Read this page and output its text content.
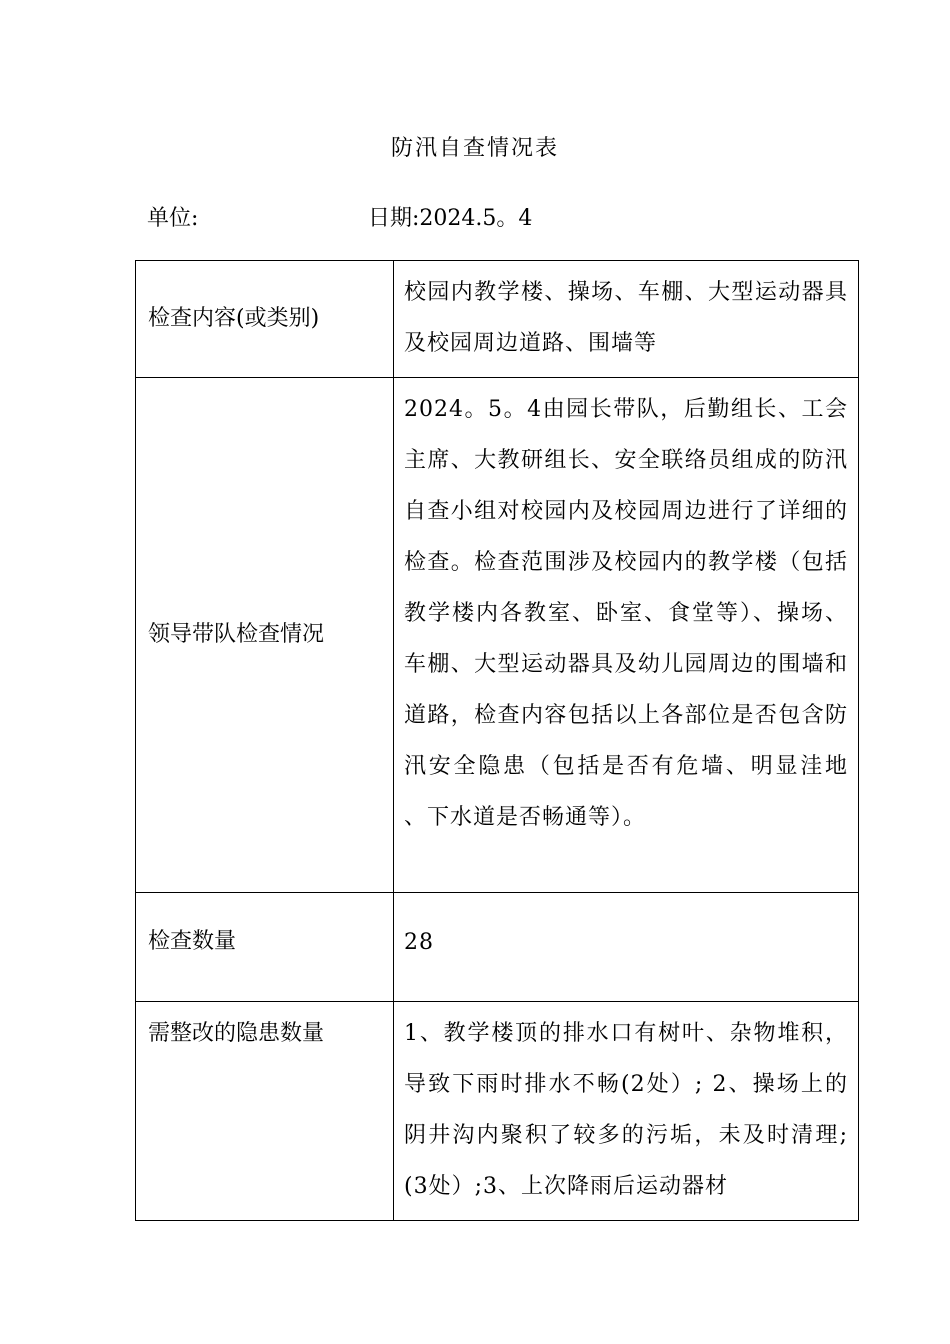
防汛自查情况表
单位:	日期:2024.5。4
检查内容(或类别)	校园内教学楼、操场、车棚、大型运动器具及校园周边道路、围墙等
领导带队检查情况	2024。5。4由园长带队，后勤组长、工会主席、大教研组长、安全联络员组成的防汛自查小组对校园内及校园周边进行了详细的检查。检查范围涉及校园内的教学楼（包括教学楼内各教室、卧室、食堂等）、操场、车棚、大型运动器具及幼儿园周边的围墙和道路，检查内容包括以上各部位是否包含防汛安全隐患（包括是否有危墙、明显洼地 、下水道是否畅通等）。
检查数量	28
需整改的隐患数量	1、教学楼顶的排水口有树叶、杂物堆积，导致下雨时排水不畅(2处）; 2、操场上的阴井沟内聚积了较多的污垢，未及时清理;(3处）;3、上次降雨后运动器材
